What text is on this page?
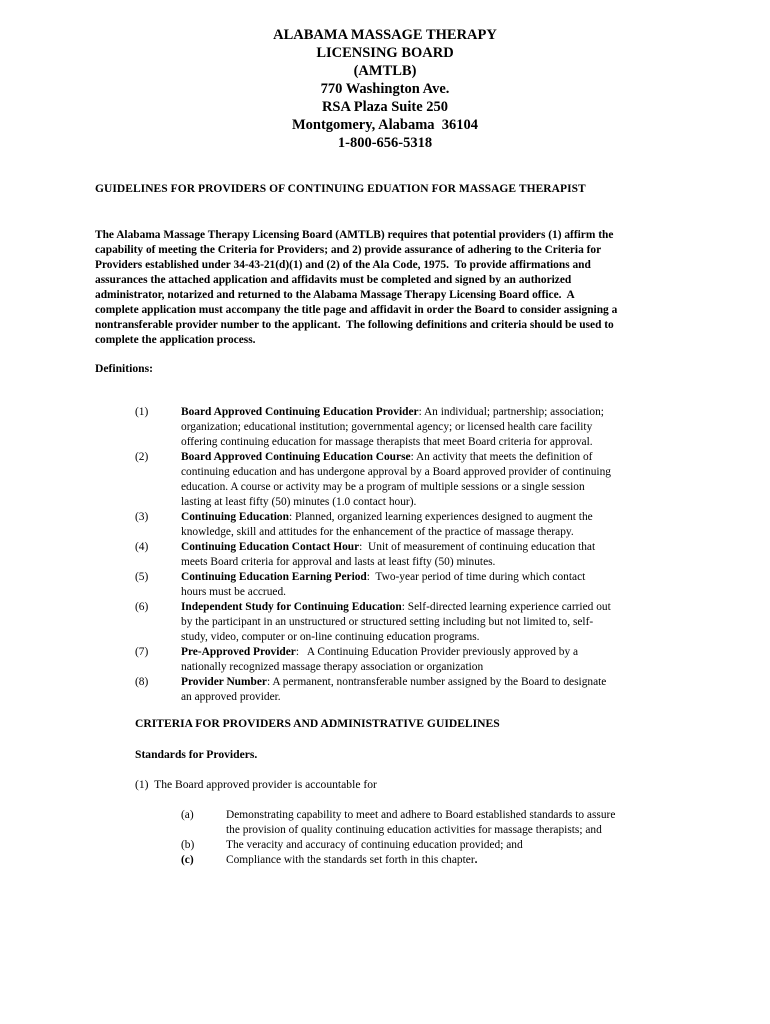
ALABAMA MASSAGE THERAPY
LICENSING BOARD
(AMTLB)
770 Washington Ave.
RSA Plaza Suite 250
Montgomery, Alabama  36104
1-800-656-5318
GUIDELINES FOR PROVIDERS OF CONTINUING EDUATION FOR MASSAGE THERAPIST
The Alabama Massage Therapy Licensing Board (AMTLB) requires that potential providers (1) affirm the
capability of meeting the Criteria for Providers; and 2) provide assurance of adhering to the Criteria for
Providers established under 34-43-21(d)(1) and (2) of the Ala Code, 1975.  To provide affirmations and
assurances the attached application and affidavits must be completed and signed by an authorized
administrator, notarized and returned to the Alabama Massage Therapy Licensing Board office.  A
complete application must accompany the title page and affidavit in order the Board to consider assigning a
nontransferable provider number to the applicant.  The following definitions and criteria should be used to
complete the application process.
Definitions:
(1)	Board Approved Continuing Education Provider: An individual; partnership; association;
organization; educational institution; governmental agency; or licensed health care facility
offering continuing education for massage therapists that meet Board criteria for approval.
(2)	Board Approved Continuing Education Course: An activity that meets the definition of
continuing education and has undergone approval by a Board approved provider of continuing
education. A course or activity may be a program of multiple sessions or a single session
lasting at least fifty (50) minutes (1.0 contact hour).
(3)	Continuing Education: Planned, organized learning experiences designed to augment the
knowledge, skill and attitudes for the enhancement of the practice of massage therapy.
(4)	Continuing Education Contact Hour:  Unit of measurement of continuing education that
meets Board criteria for approval and lasts at least fifty (50) minutes.
(5)	Continuing Education Earning Period:  Two-year period of time during which contact
hours must be accrued.
(6)	Independent Study for Continuing Education: Self-directed learning experience carried out
by the participant in an unstructured or structured setting including but not limited to, self-
study, video, computer or on-line continuing education programs.
(7)	Pre-Approved Provider:   A Continuing Education Provider previously approved by a
nationally recognized massage therapy association or organization
(8)	Provider Number: A permanent, nontransferable number assigned by the Board to designate
an approved provider.
CRITERIA FOR PROVIDERS AND ADMINISTRATIVE GUIDELINES
Standards for Providers.
(1)  The Board approved provider is accountable for
(a)	Demonstrating capability to meet and adhere to Board established standards to assure
the provision of quality continuing education activities for massage therapists; and
(b)	The veracity and accuracy of continuing education provided; and
(c)	Compliance with the standards set forth in this chapter.
